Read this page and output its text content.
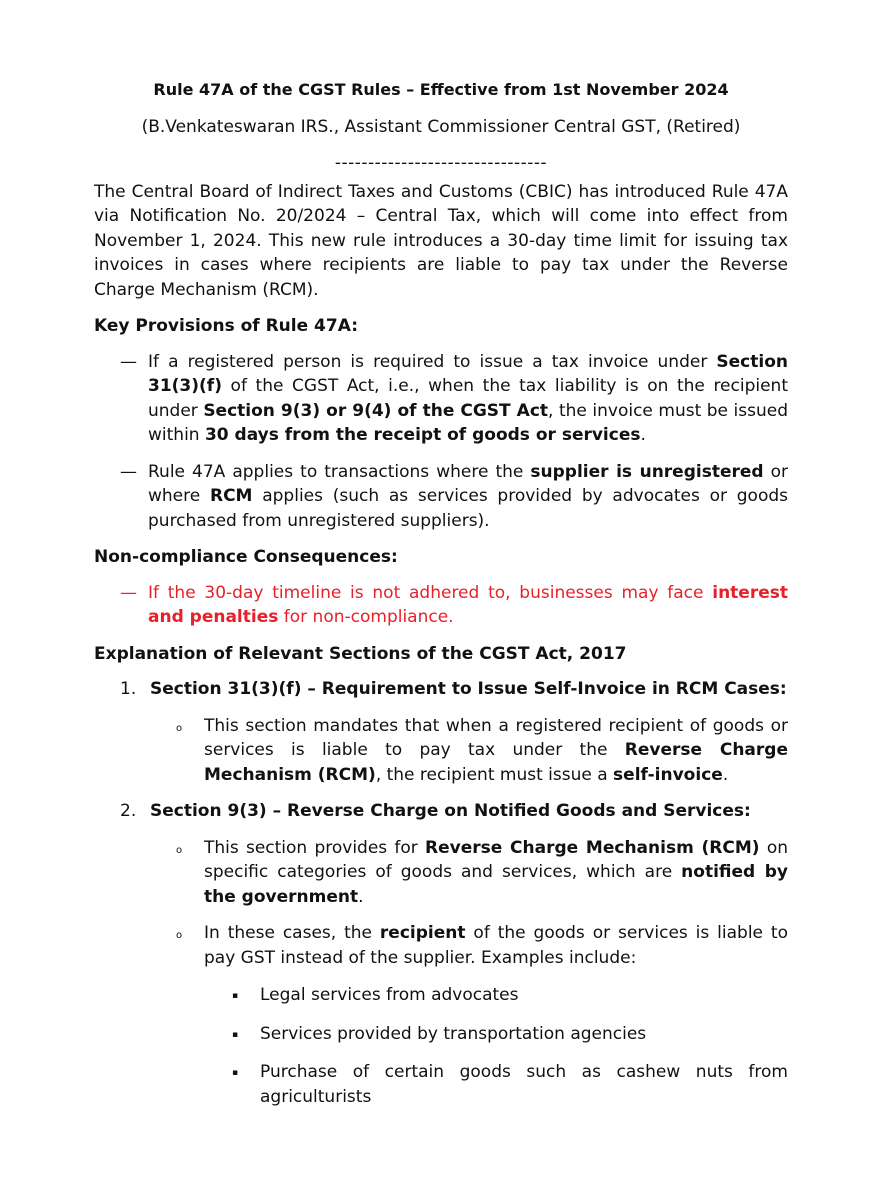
Rule 47A of the CGST Rules – Effective from 1st November 2024

(B.Venkateswaran IRS., Assistant Commissioner Central GST, (Retired)

--------------------------------

The Central Board of Indirect Taxes and Customs (CBIC) has introduced Rule 47A via Notification No. 20/2024 – Central Tax, which will come into effect from November 1, 2024. This new rule introduces a 30-day time limit for issuing tax invoices in cases where recipients are liable to pay tax under the Reverse Charge Mechanism (RCM).

Key Provisions of Rule 47A:

— If a registered person is required to issue a tax invoice under Section 31(3)(f) of the CGST Act, i.e., when the tax liability is on the recipient under Section 9(3) or 9(4) of the CGST Act, the invoice must be issued within 30 days from the receipt of goods or services.
— Rule 47A applies to transactions where the supplier is unregistered or where RCM applies (such as services provided by advocates or goods purchased from unregistered suppliers).

Non-compliance Consequences:

— If the 30-day timeline is not adhered to, businesses may face interest and penalties for non-compliance.

Explanation of Relevant Sections of the CGST Act, 2017

1. Section 31(3)(f) – Requirement to Issue Self-Invoice in RCM Cases:
o	This section mandates that when a registered recipient of goods or services is liable to pay tax under the Reverse Charge Mechanism (RCM), the recipient must issue a self-invoice.
2. Section 9(3) – Reverse Charge on Notified Goods and Services:
o	This section provides for Reverse Charge Mechanism (RCM) on specific categories of goods and services, which are notified by the government.
o	In these cases, the recipient of the goods or services is liable to pay GST instead of the supplier. Examples include:
▪	Legal services from advocates
▪	Services provided by transportation agencies
▪	Purchase of certain goods such as cashew nuts from agriculturists
